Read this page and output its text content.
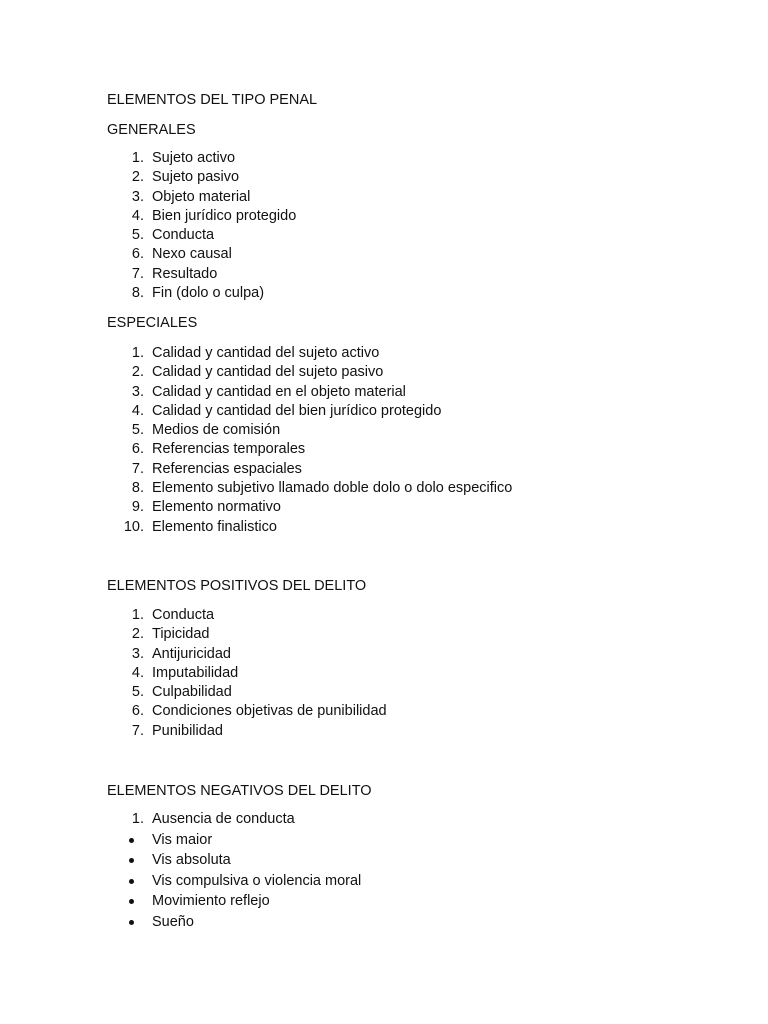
ELEMENTOS DEL TIPO PENAL
GENERALES
1. Sujeto activo
2. Sujeto pasivo
3. Objeto material
4. Bien jurídico protegido
5. Conducta
6. Nexo causal
7. Resultado
8. Fin (dolo o culpa)
ESPECIALES
1. Calidad y cantidad del sujeto activo
2. Calidad y cantidad del sujeto pasivo
3. Calidad y cantidad en el objeto material
4. Calidad y cantidad del bien jurídico protegido
5. Medios de comisión
6. Referencias temporales
7. Referencias espaciales
8. Elemento subjetivo llamado doble dolo o dolo especifico
9. Elemento normativo
10. Elemento finalistico
ELEMENTOS POSITIVOS DEL DELITO
1. Conducta
2. Tipicidad
3. Antijuricidad
4. Imputabilidad
5. Culpabilidad
6. Condiciones objetivas de punibilidad
7. Punibilidad
ELEMENTOS NEGATIVOS DEL DELITO
1. Ausencia de conducta
Vis maior
Vis absoluta
Vis compulsiva o violencia moral
Movimiento reflejo
Sueño
